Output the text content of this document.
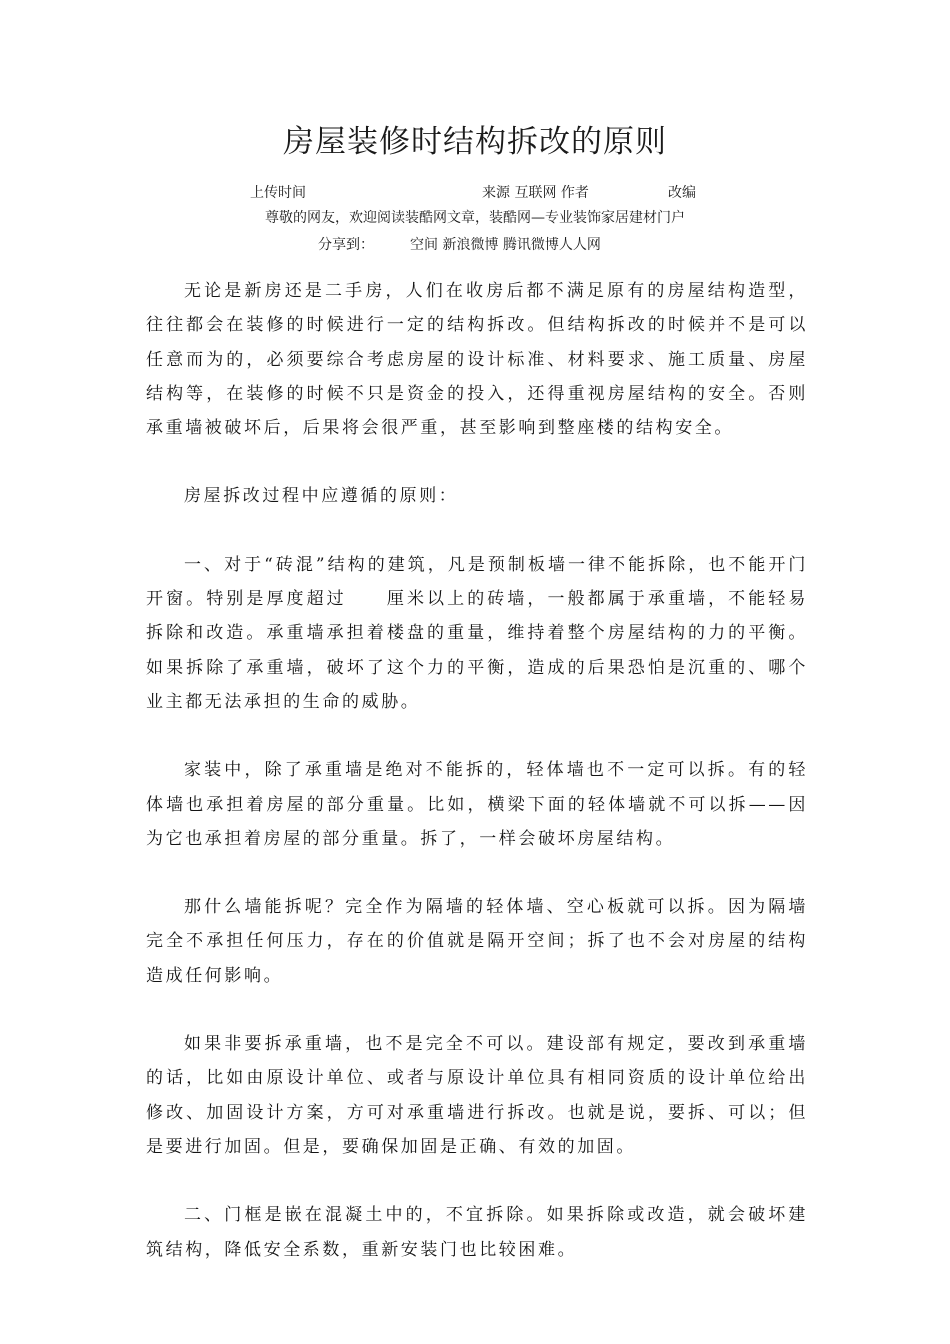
房屋装修时结构拆改的原则
上传时间	来源 互联网 作者	改编
尊敬的网友，欢迎阅读装酷网文章，装酷网—专业装饰家居建材门户
分享到：	空间 新浪微博 腾讯微博人人网

无论是新房还是二手房，人们在收房后都不满足原有的房屋结构造型，往往都会在装修的时候进行一定的结构拆改。但结构拆改的时候并不是可以任意而为的，必须要综合考虑房屋的设计标准、材料要求、施工质量、房屋结构等，在装修的时候不只是资金的投入，还得重视房屋结构的安全。否则承重墙被破坏后，后果将会很严重，甚至影响到整座楼的结构安全。

房屋拆改过程中应遵循的原则：

一、对于“砖混”结构的建筑，凡是预制板墙一律不能拆除，也不能开门开窗。特别是厚度超过　　厘米以上的砖墙，一般都属于承重墙，不能轻易拆除和改造。承重墙承担着楼盘的重量，维持着整个房屋结构的力的平衡。如果拆除了承重墙，破坏了这个力的平衡，造成的后果恐怕是沉重的、哪个业主都无法承担的生命的威胁。

家装中，除了承重墙是绝对不能拆的，轻体墙也不一定可以拆。有的轻体墙也承担着房屋的部分重量。比如，横梁下面的轻体墙就不可以拆——因为它也承担着房屋的部分重量。拆了，一样会破坏房屋结构。

那什么墙能拆呢？完全作为隔墙的轻体墙、空心板就可以拆。因为隔墙完全不承担任何压力，存在的价值就是隔开空间；拆了也不会对房屋的结构造成任何影响。

如果非要拆承重墙，也不是完全不可以。建设部有规定，要改到承重墙的话，比如由原设计单位、或者与原设计单位具有相同资质的设计单位给出修改、加固设计方案，方可对承重墙进行拆改。也就是说，要拆、可以；但是要进行加固。但是，要确保加固是正确、有效的加固。

二、门框是嵌在混凝土中的，不宜拆除。如果拆除或改造，就会破坏建筑结构，降低安全系数，重新安装门也比较困难。
